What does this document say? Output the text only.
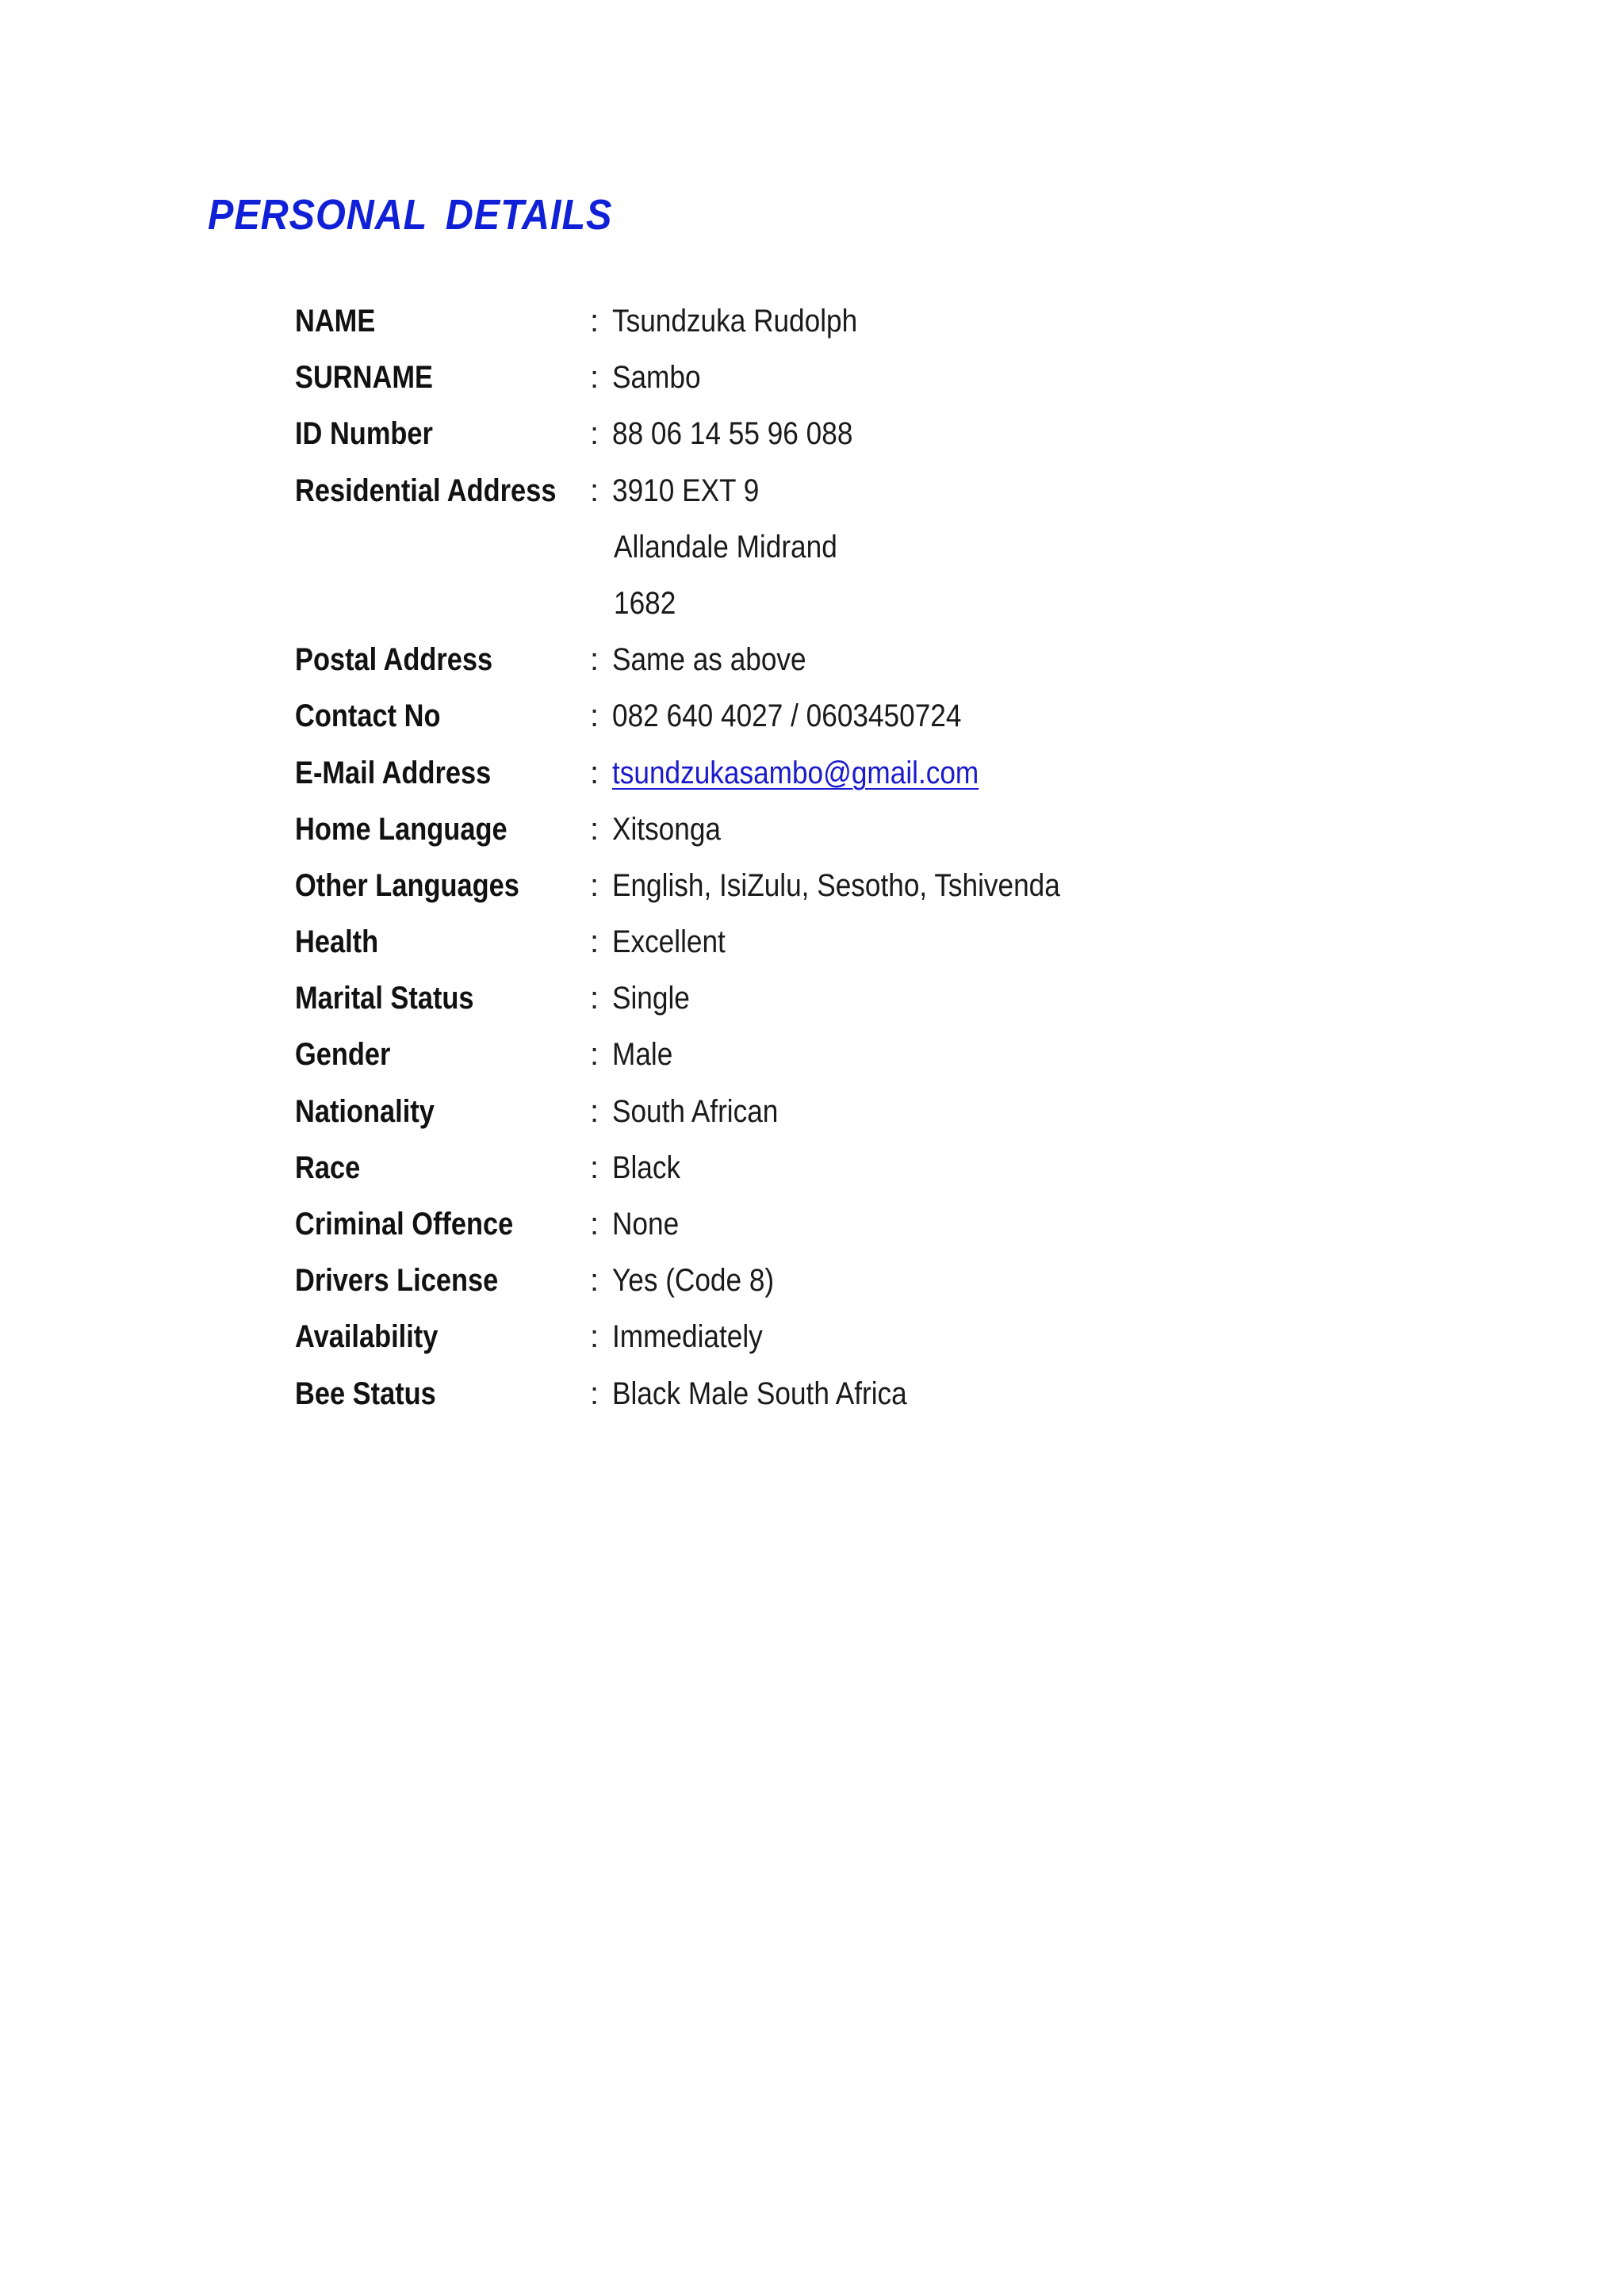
PERSONAL DETAILS
NAME	: Tsundzuka Rudolph
SURNAME	: Sambo
ID Number	: 88 06 14 55 96 088
Residential Address : 3910 EXT 9
Allandale Midrand
1682
Postal Address	: Same as above
Contact No	: 082 640 4027 / 0603450724
E-Mail Address	: tsundzukasambo@gmail.com
Home Language	: Xitsonga
Other Languages : English, IsiZulu, Sesotho, Tshivenda
Health	: Excellent
Marital Status	: Single
Gender	: Male
Nationality	: South African
Race	: Black
Criminal Offence : None
Drivers License	: Yes (Code 8)
Availability	: Immediately
Bee Status	: Black Male South Africa
